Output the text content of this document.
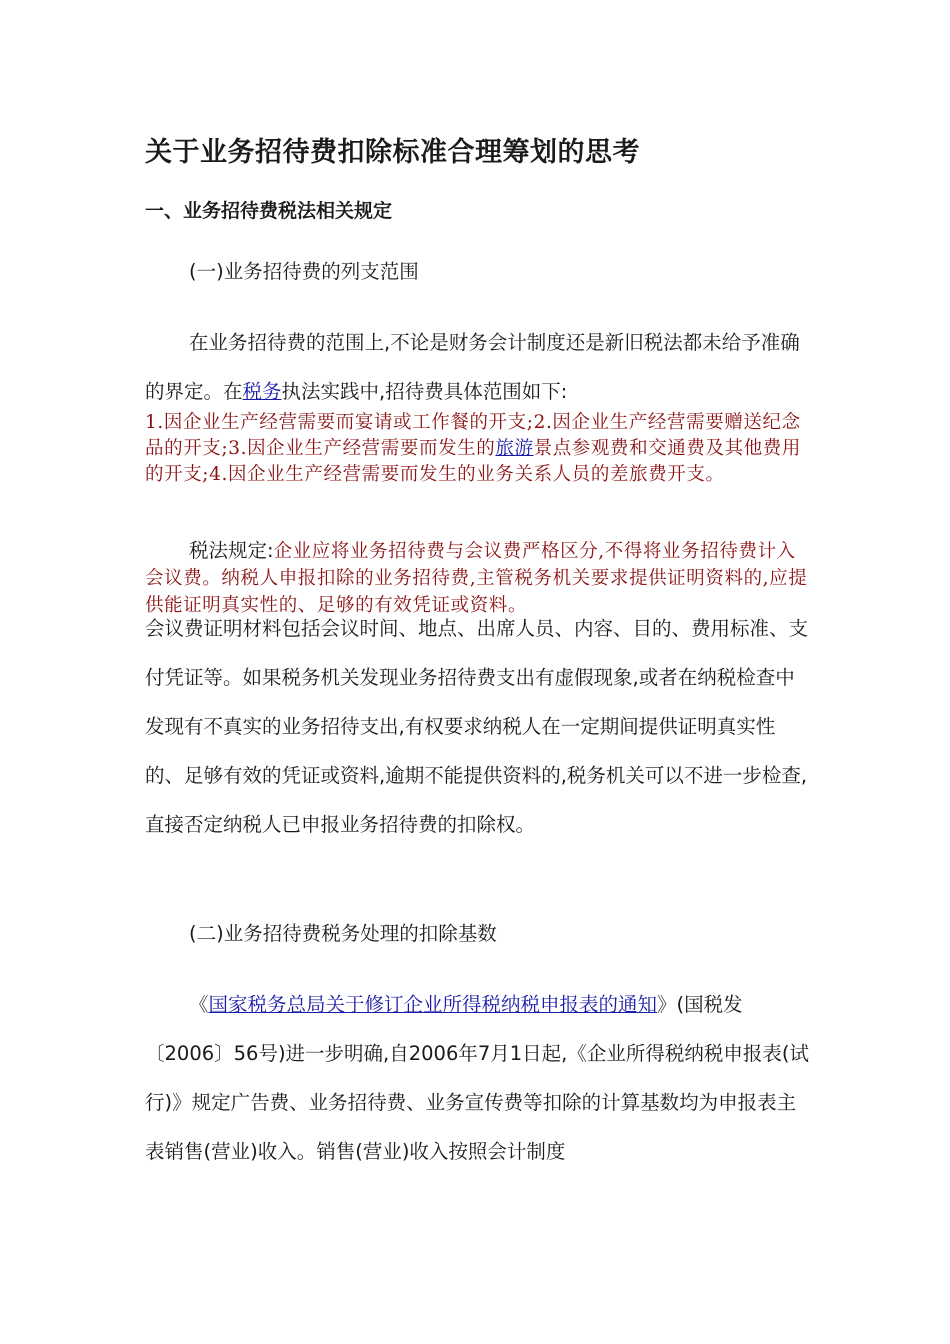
关于业务招待费扣除标准合理筹划的思考
一、业务招待费税法相关规定

(一)业务招待费的列支范围

在业务招待费的范围上,不论是财务会计制度还是新旧税法都未给予准确的界定。在税务执法实践中,招待费具体范围如下:
1.因企业生产经营需要而宴请或工作餐的开支;2.因企业生产经营需要赠送纪念品的开支;3.因企业生产经营需要而发生的旅游景点参观费和交通费及其他费用的开支;4.因企业生产经营需要而发生的业务关系人员的差旅费开支。
税法规定:企业应将业务招待费与会议费严格区分,不得将业务招待费计入会议费。纳税人申报扣除的业务招待费,主管税务机关要求提供证明资料的,应提供能证明真实性的、足够的有效凭证或资料。
会议费证明材料包括会议时间、地点、出席人员、内容、目的、费用标准、支付凭证等。如果税务机关发现业务招待费支出有虚假现象,或者在纳税检查中发现有不真实的业务招待支出,有权要求纳税人在一定期间提供证明真实性的、足够有效的凭证或资料,逾期不能提供资料的,税务机关可以不进一步检查,直接否定纳税人已申报业务招待费的扣除权。

(二)业务招待费税务处理的扣除基数

《国家税务总局关于修订企业所得税纳税申报表的通知》(国税发〔2006〕56号)进一步明确,自2006年7月1日起,《企业所得税纳税申报表(试行)》规定广告费、业务招待费、业务宣传费等扣除的计算基数均为申报表主表销售(营业)收入。销售(营业)收入按照会计制度
